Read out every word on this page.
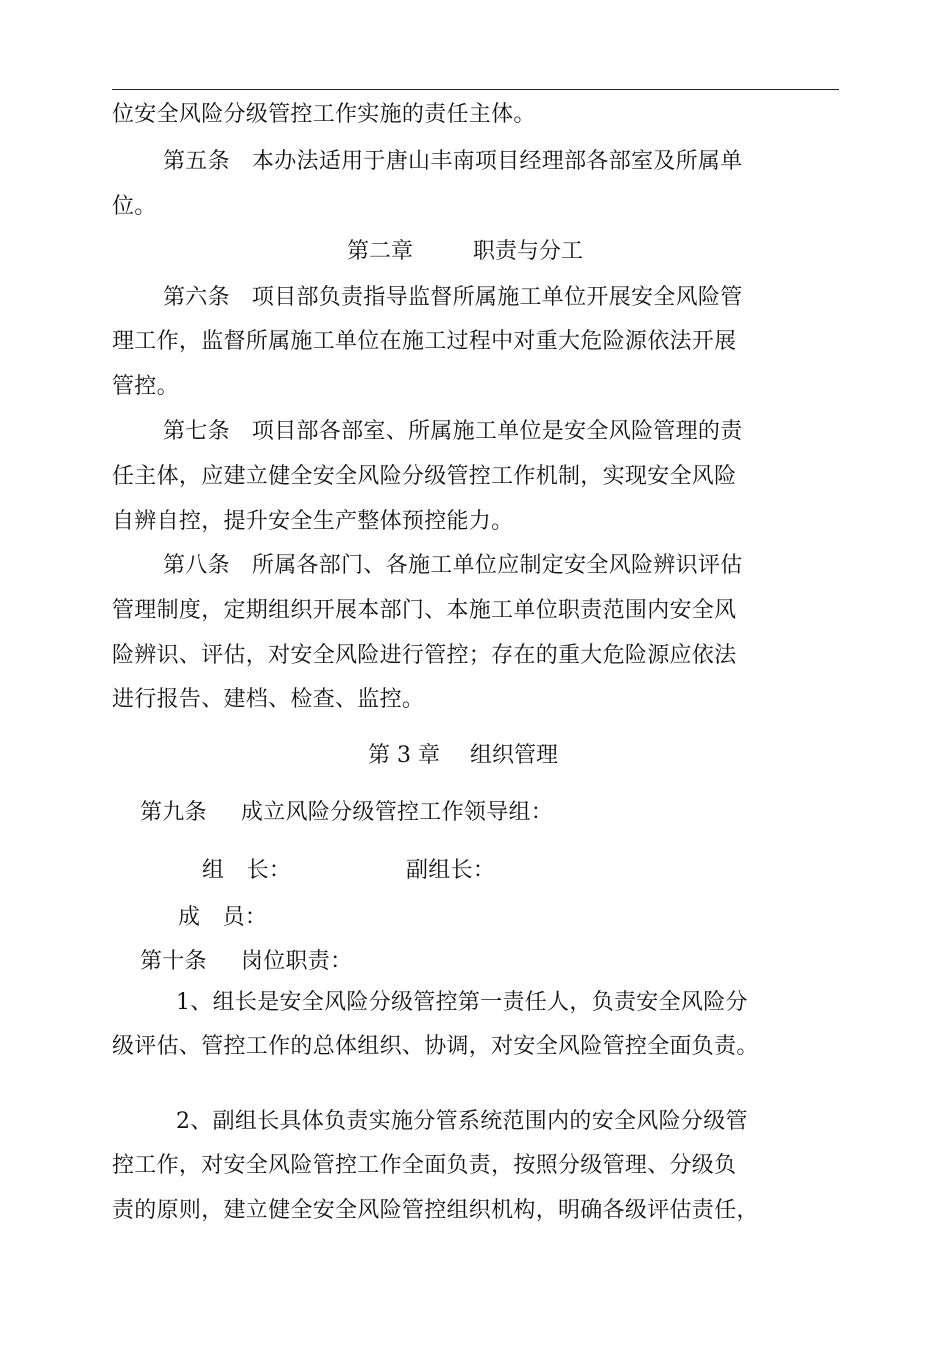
位安全风险分级管控工作实施的责任主体。
第五条 本办法适用于唐山丰南项目经理部各部室及所属单
位。
第二章	职责与分工
第六条 项目部负责指导监督所属施工单位开展安全风险管
理工作，监督所属施工单位在施工过程中对重大危险源依法开展
管控。
第七条 项目部各部室、所属施工单位是安全风险管理的责
任主体，应建立健全安全风险分级管控工作机制，实现安全风险
自辨自控，提升安全生产整体预控能力。
第八条 所属各部门、各施工单位应制定安全风险辨识评估
管理制度，定期组织开展本部门、本施工单位职责范围内安全风
险辨识、评估，对安全风险进行管控；存在的重大危险源应依法
进行报告、建档、检查、监控。
第 3 章 组织管理
第九条 成立风险分级管控工作领导组：
组　长：	副组长：
成　员：
第十条 岗位职责：
1、组长是安全风险分级管控第一责任人，负责安全风险分
级评估、管控工作的总体组织、协调，对安全风险管控全面负责。
2、副组长具体负责实施分管系统范围内的安全风险分级管
控工作，对安全风险管控工作全面负责，按照分级管理、分级负
责的原则，建立健全安全风险管控组织机构，明确各级评估责任，
